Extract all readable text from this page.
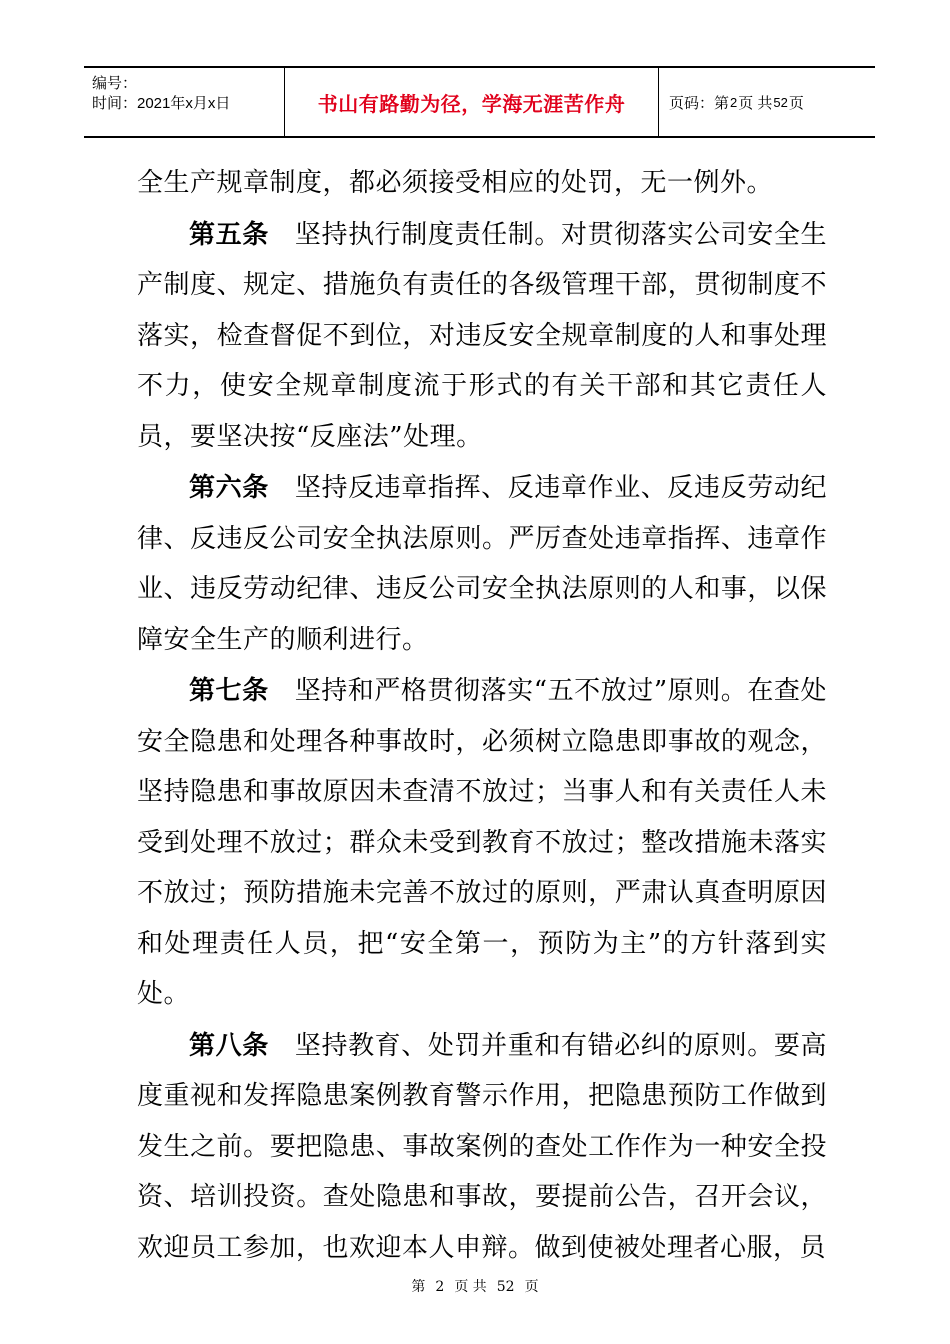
编号：
时间：2021年x月x日	书山有路勤为径，学海无涯苦作舟	页码：第 2 页 共 52 页

全生产规章制度，都必须接受相应的处罚，无一例外。

第五条 坚持执行制度责任制。对贯彻落实公司安全生产制度、规定、措施负有责任的各级管理干部，贯彻制度不落实，检查督促不到位，对违反安全规章制度的人和事处理不力，使安全规章制度流于形式的有关干部和其它责任人员，要坚决按“反座法”处理。

第六条 坚持反违章指挥、反违章作业、反违反劳动纪律、反违反公司安全执法原则。严厉查处违章指挥、违章作业、违反劳动纪律、违反公司安全执法原则的人和事，以保障安全生产的顺利进行。

第七条 坚持和严格贯彻落实“五不放过”原则。在查处安全隐患和处理各种事故时，必须树立隐患即事故的观念，坚持隐患和事故原因未查清不放过；当事人和有关责任人未受到处理不放过；群众未受到教育不放过；整改措施未落实不放过；预防措施未完善不放过的原则，严肃认真查明原因和处理责任人员，把“安全第一，预防为主”的方针落到实处。

第八条 坚持教育、处罚并重和有错必纠的原则。要高度重视和发挥隐患案例教育警示作用，把隐患预防工作做到发生之前。要把隐患、事故案例的查处工作作为一种安全投资、培训投资。查处隐患和事故，要提前公告，召开会议，欢迎员工参加，也欢迎本人申辩。做到使被处理者心服，员

第 2 页 共 52 页
